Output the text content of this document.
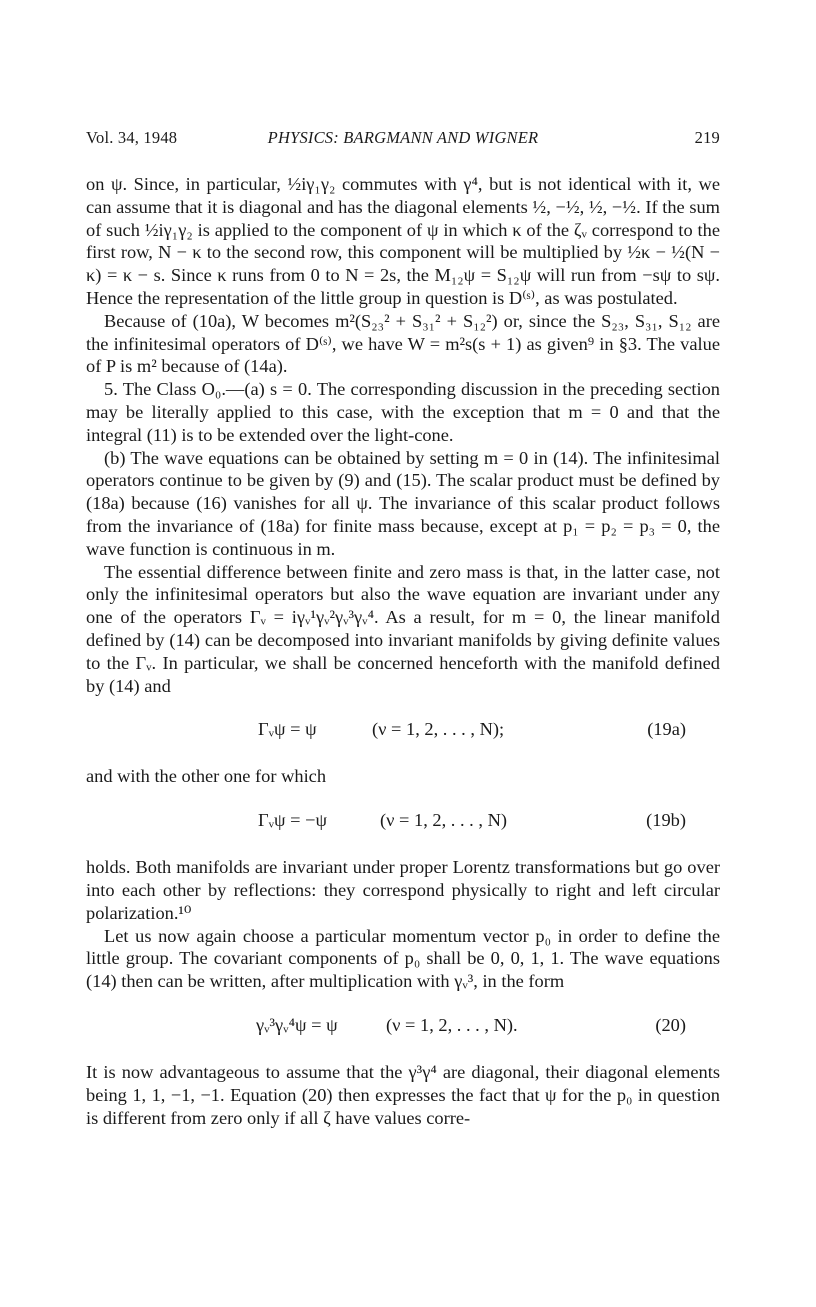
Vol. 34, 1948	PHYSICS: BARGMANN AND WIGNER	219

on ψ. Since, in particular, ½iγ₁γ₂ commutes with γ⁴, but is not identical with it, we can assume that it is diagonal and has the diagonal elements ½, −½, ½, −½. If the sum of such ½iγ₁γ₂ is applied to the component of ψ in which κ of the ζᵥ correspond to the first row, N − κ to the second row, this component will be multiplied by ½κ − ½(N − κ) = κ − s. Since κ runs from 0 to N = 2s, the M₁₂ψ = S₁₂ψ will run from −sψ to sψ. Hence the representation of the little group in question is D⁽ˢ⁾, as was postulated.

Because of (10a), W becomes m²(S₂₃² + S₃₁² + S₁₂²) or, since the S₂₃, S₃₁, S₁₂ are the infinitesimal operators of D⁽ˢ⁾, we have W = m²s(s + 1) as given⁹ in §3. The value of P is m² because of (14a).

5. The Class O₀.—(a) s = 0. The corresponding discussion in the preceding section may be literally applied to this case, with the exception that m = 0 and that the integral (11) is to be extended over the light-cone.

(b) The wave equations can be obtained by setting m = 0 in (14). The infinitesimal operators continue to be given by (9) and (15). The scalar product must be defined by (18a) because (16) vanishes for all ψ. The invariance of this scalar product follows from the invariance of (18a) for finite mass because, except at p₁ = p₂ = p₃ = 0, the wave function is continuous in m.

The essential difference between finite and zero mass is that, in the latter case, not only the infinitesimal operators but also the wave equation are invariant under any one of the operators Γᵥ = iγᵥ¹γᵥ²γᵥ³γᵥ⁴. As a result, for m = 0, the linear manifold defined by (14) can be decomposed into invariant manifolds by giving definite values to the Γᵥ. In particular, we shall be concerned henceforth with the manifold defined by (14) and

Γᵥψ = ψ	(ν = 1, 2, . . . , N);	(19a)

and with the other one for which

Γᵥψ = −ψ	(ν = 1, 2, . . . , N)	(19b)

holds. Both manifolds are invariant under proper Lorentz transformations but go over into each other by reflections: they correspond physically to right and left circular polarization.¹⁰

Let us now again choose a particular momentum vector p₀ in order to define the little group. The covariant components of p₀ shall be 0, 0, 1, 1. The wave equations (14) then can be written, after multiplication with γᵥ³, in the form

γᵥ³γᵥ⁴ψ = ψ	(ν = 1, 2, . . . , N).	(20)

It is now advantageous to assume that the γ³γ⁴ are diagonal, their diagonal elements being 1, 1, −1, −1. Equation (20) then expresses the fact that ψ for the p₀ in question is different from zero only if all ζ have values corre-
